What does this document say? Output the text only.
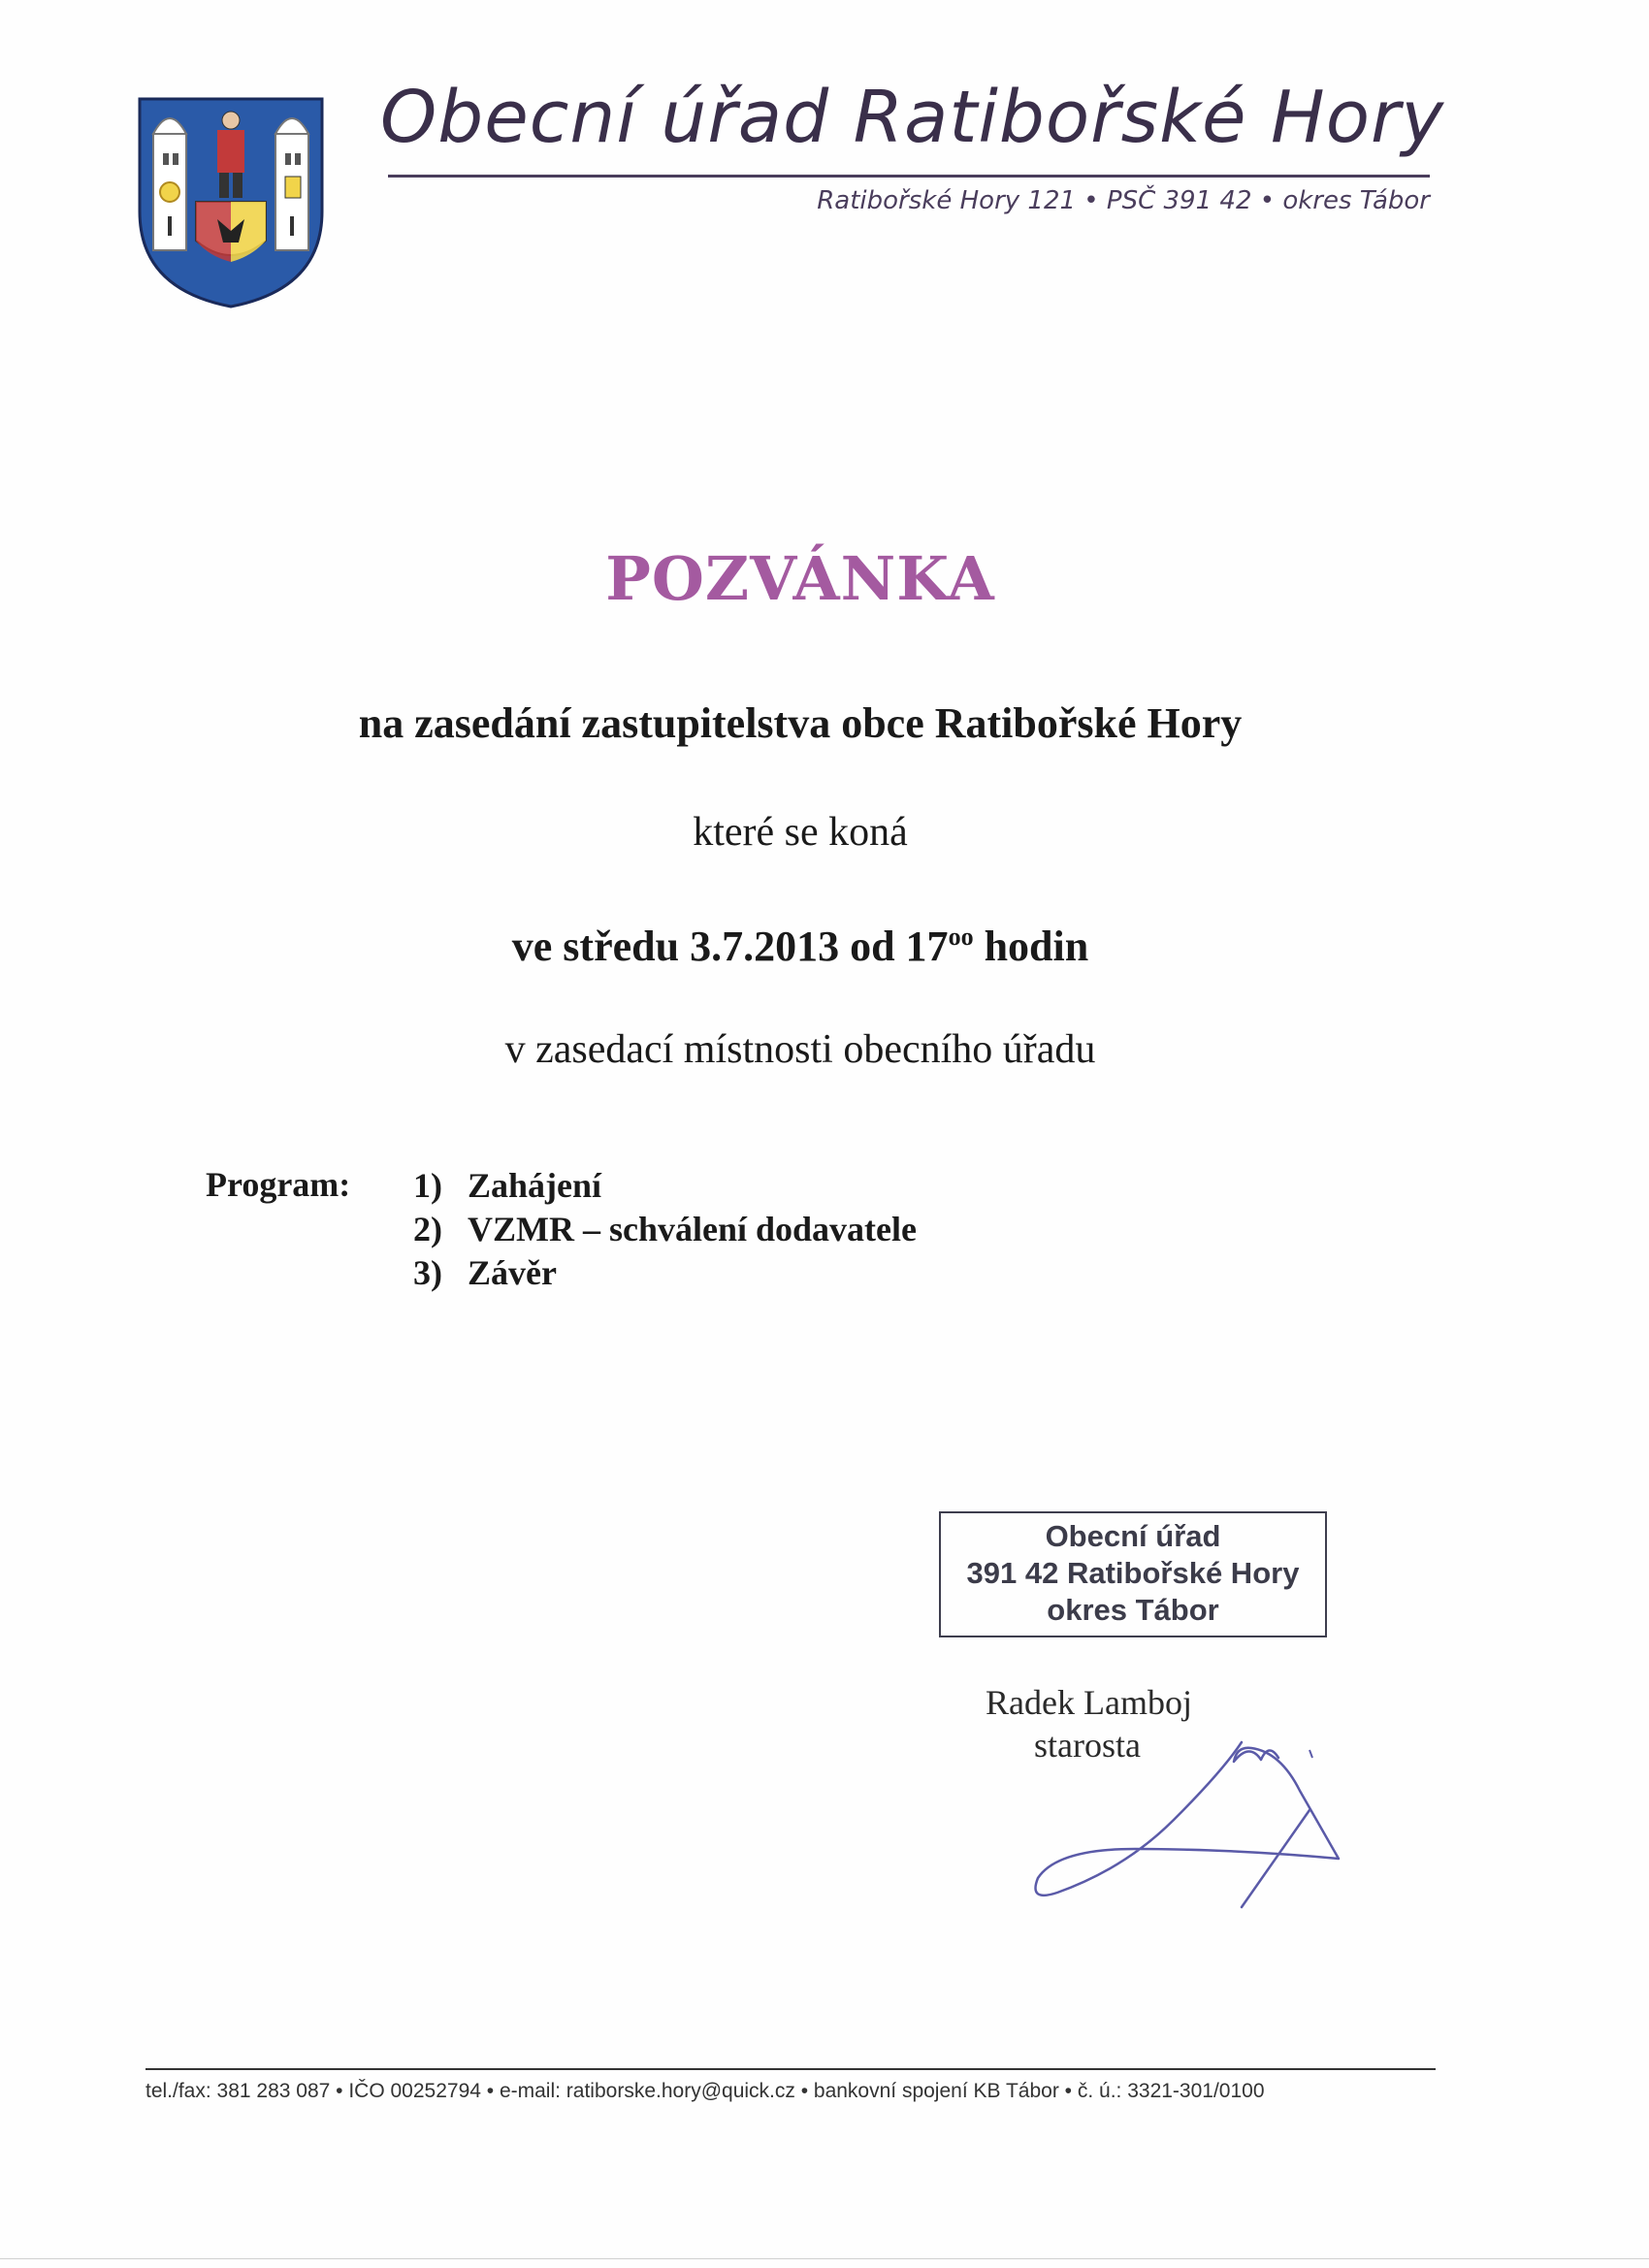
Obecní úřad Ratibořské Hory
Ratibořské Hory 121 • PSČ 391 42 • okres Tábor
POZVÁNKA
na zasedání zastupitelstva obce Ratibořské Hory
které se koná
ve středu 3.7.2013 od $17^{oo}$ hodin
v zasedací místnosti obecního úřadu
Program: 1) Zahájení
2) VZMR – schválení dodavatele
3) Závěr
Obecní úřad
391 42 Ratibořské Hory
okres Tábor
Radek Lamboj
starosta
tel./fax: 381 283 087 • IČO 00252794 • e-mail: ratiborske.hory@quick.cz • bankovní spojení KB Tábor • č. ú.: 3321-301/0100
